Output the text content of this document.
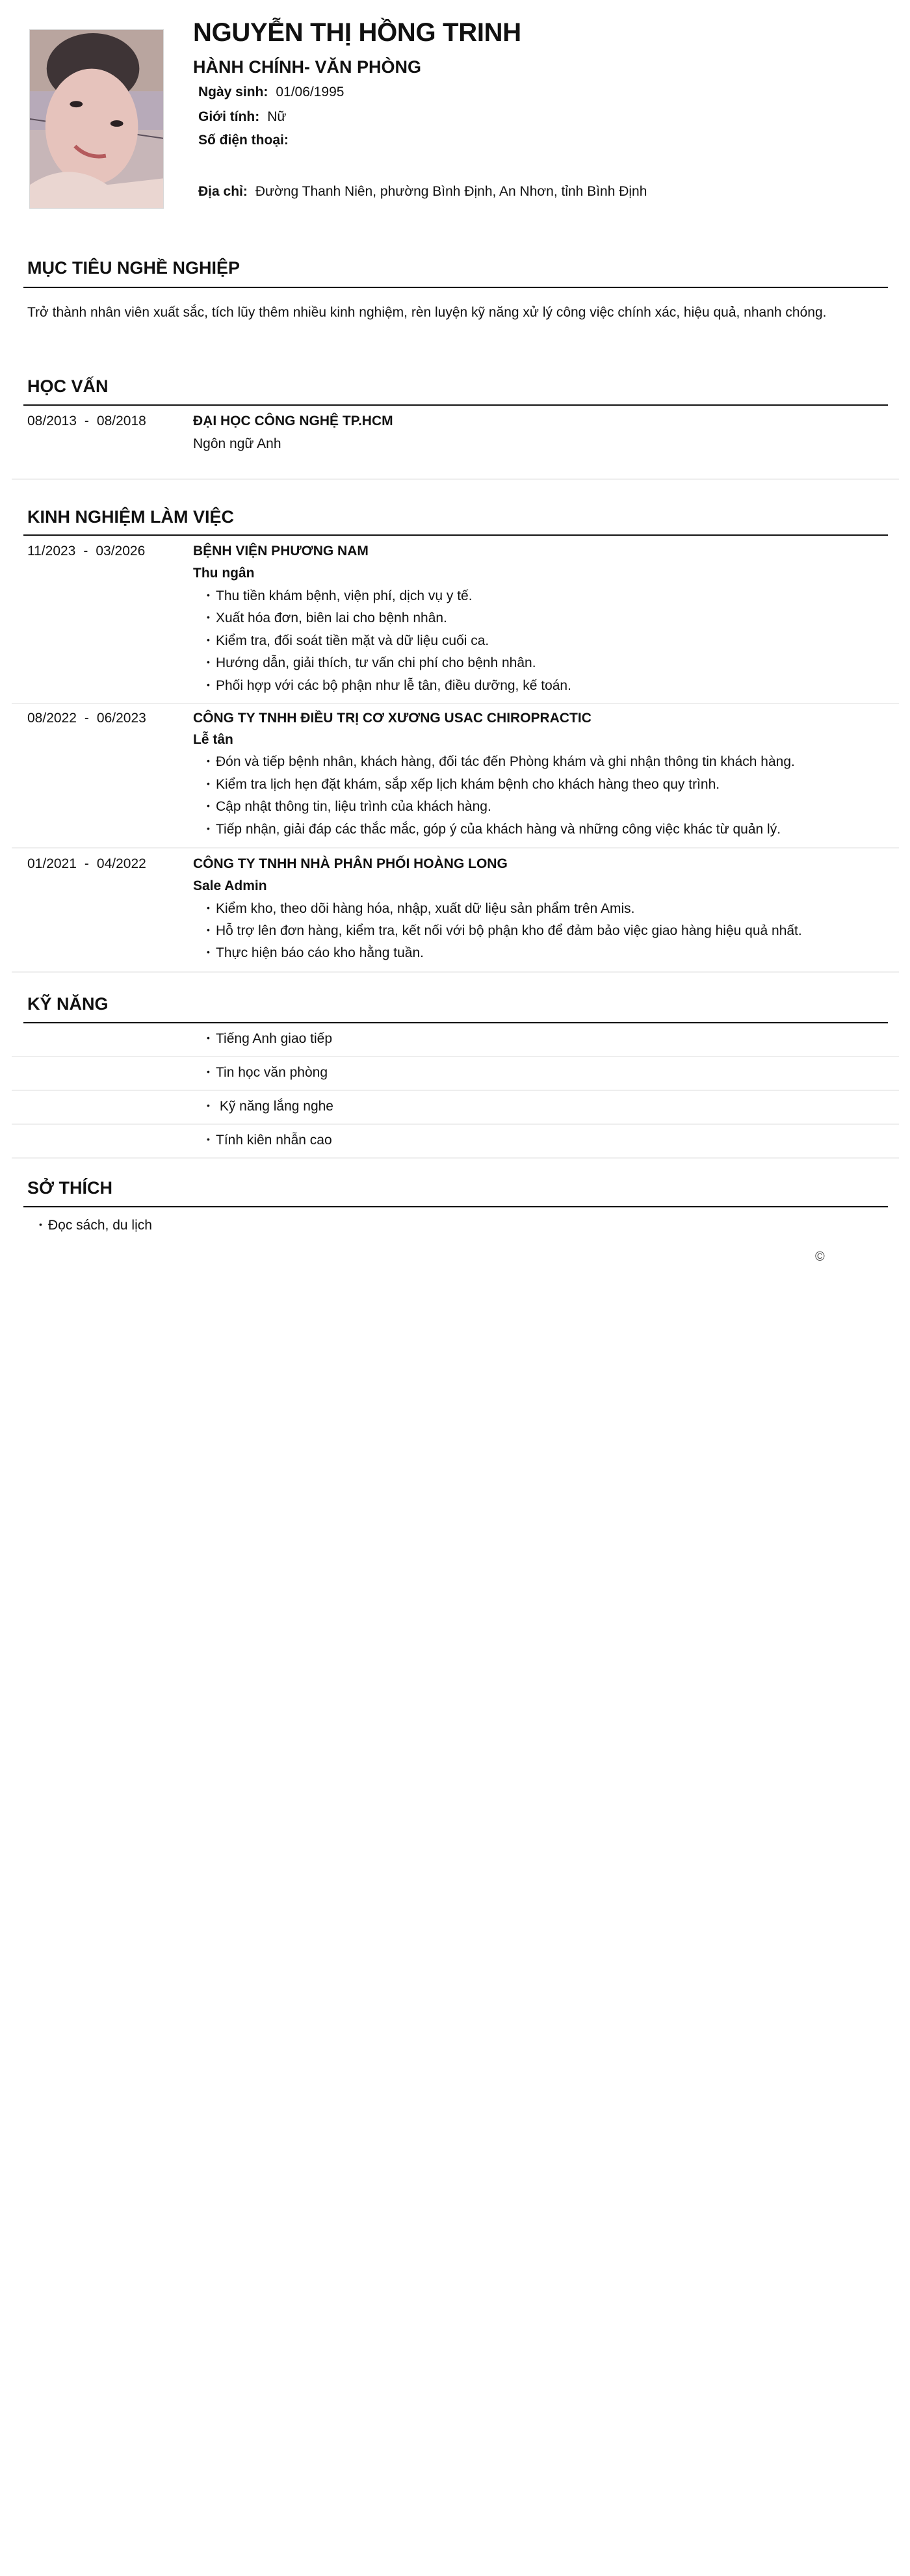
NGUYỄN THỊ HỒNG TRINH
HÀNH CHÍNH- VĂN PHÒNG
Ngày sinh: 01/06/1995
Giới tính: Nữ
Số điện thoại:
Địa chỉ: Đường Thanh Niên, phường Bình Định, An Nhơn, tỉnh Bình Định
MỤC TIÊU NGHỀ NGHIỆP
Trở thành nhân viên xuất sắc, tích lũy thêm nhiều kinh nghiệm, rèn luyện kỹ năng xử lý công việc chính xác, hiệu quả, nhanh chóng.
HỌC VẤN
08/2013 - 08/2018	ĐẠI HỌC CÔNG NGHỆ TP.HCM
Ngôn ngữ Anh
KINH NGHIỆM LÀM VIỆC
11/2023 - 03/2026	BỆNH VIỆN PHƯƠNG NAM
Thu ngân
• Thu tiền khám bệnh, viện phí, dịch vụ y tế.
• Xuất hóa đơn, biên lai cho bệnh nhân.
• Kiểm tra, đối soát tiền mặt và dữ liệu cuối ca.
• Hướng dẫn, giải thích, tư vấn chi phí cho bệnh nhân.
• Phối hợp với các bộ phận như lễ tân, điều dưỡng, kế toán.
08/2022 - 06/2023	CÔNG TY TNHH ĐIỀU TRỊ CƠ XƯƠNG USAC CHIROPRACTIC
Lễ tân
• Đón và tiếp bệnh nhân, khách hàng, đối tác đến Phòng khám và ghi nhận thông tin khách hàng.
• Kiểm tra lịch hẹn đặt khám, sắp xếp lịch khám bệnh cho khách hàng theo quy trình.
• Cập nhật thông tin, liệu trình của khách hàng.
• Tiếp nhận, giải đáp các thắc mắc, góp ý của khách hàng và những công việc khác từ quản lý.
01/2021 - 04/2022	CÔNG TY TNHH NHÀ PHÂN PHỐI HOÀNG LONG
Sale Admin
• Kiểm kho, theo dõi hàng hóa, nhập, xuất dữ liệu sản phẩm trên Amis.
• Hỗ trợ lên đơn hàng, kiểm tra, kết nối với bộ phận kho để đảm bảo việc giao hàng hiệu quả nhất.
• Thực hiện báo cáo kho hằng tuần.
KỸ NĂNG
• Tiếng Anh giao tiếp
• Tin học văn phòng
• Kỹ năng lắng nghe
• Tính kiên nhẫn cao
SỞ THÍCH
• Đọc sách, du lịch
©
